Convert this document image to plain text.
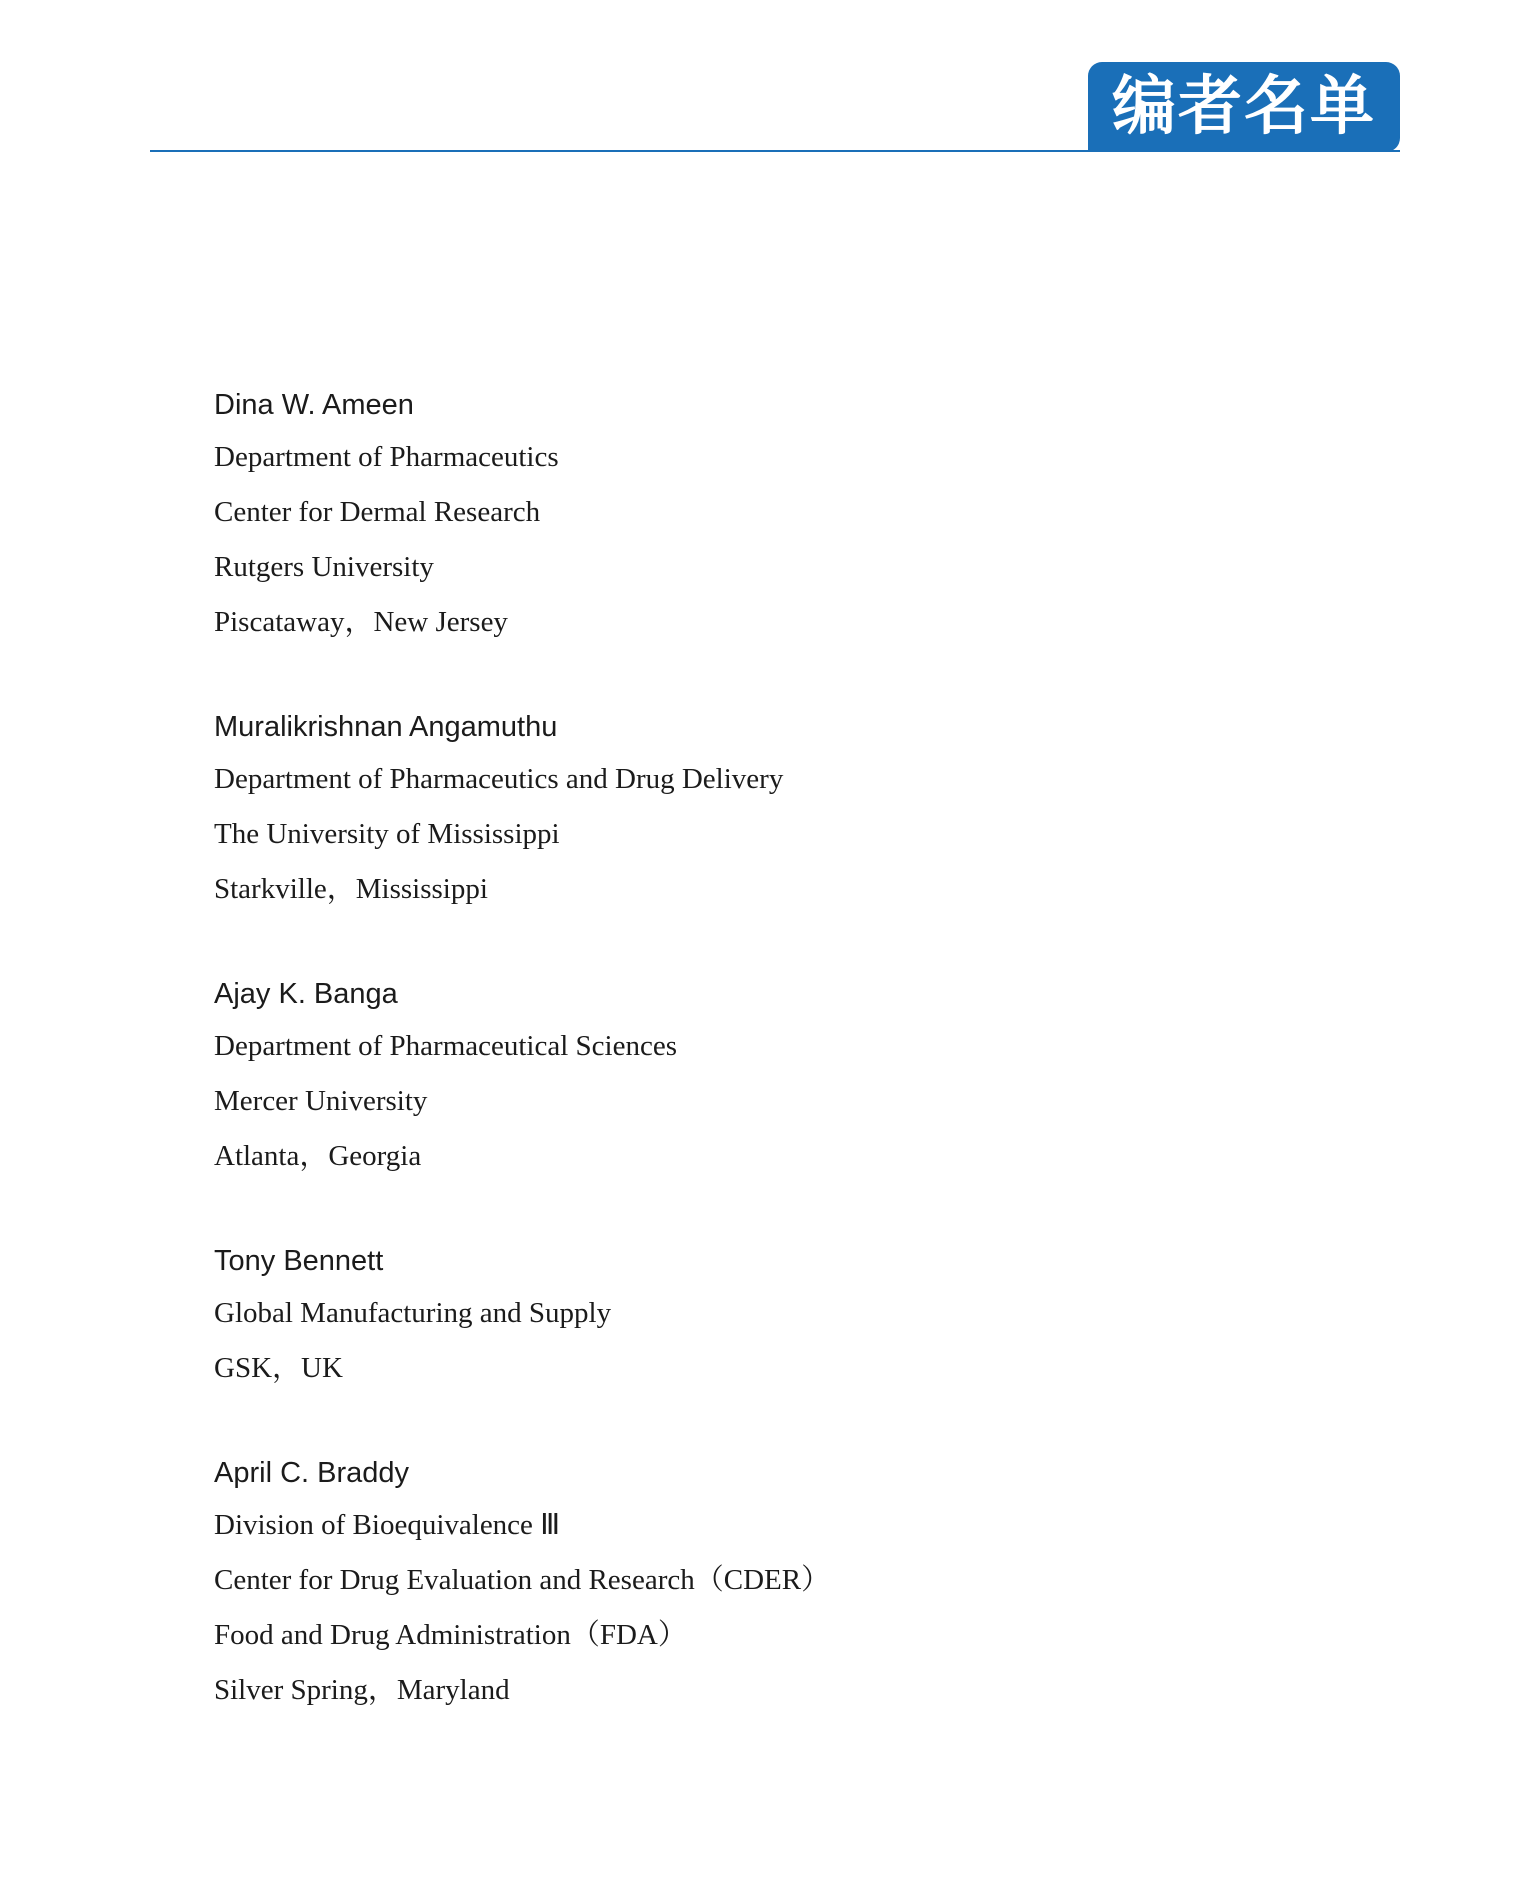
编者名单
Dina W. Ameen
Department of Pharmaceutics
Center for Dermal Research
Rutgers University
Piscataway，New Jersey
Muralikrishnan Angamuthu
Department of Pharmaceutics and Drug Delivery
The University of Mississippi
Starkville，Mississippi
Ajay K. Banga
Department of Pharmaceutical Sciences
Mercer University
Atlanta，Georgia
Tony Bennett
Global Manufacturing and Supply
GSK，UK
April C. Braddy
Division of Bioequivalence Ⅲ
Center for Drug Evaluation and Research（CDER）
Food and Drug Administration（FDA）
Silver Spring，Maryland
